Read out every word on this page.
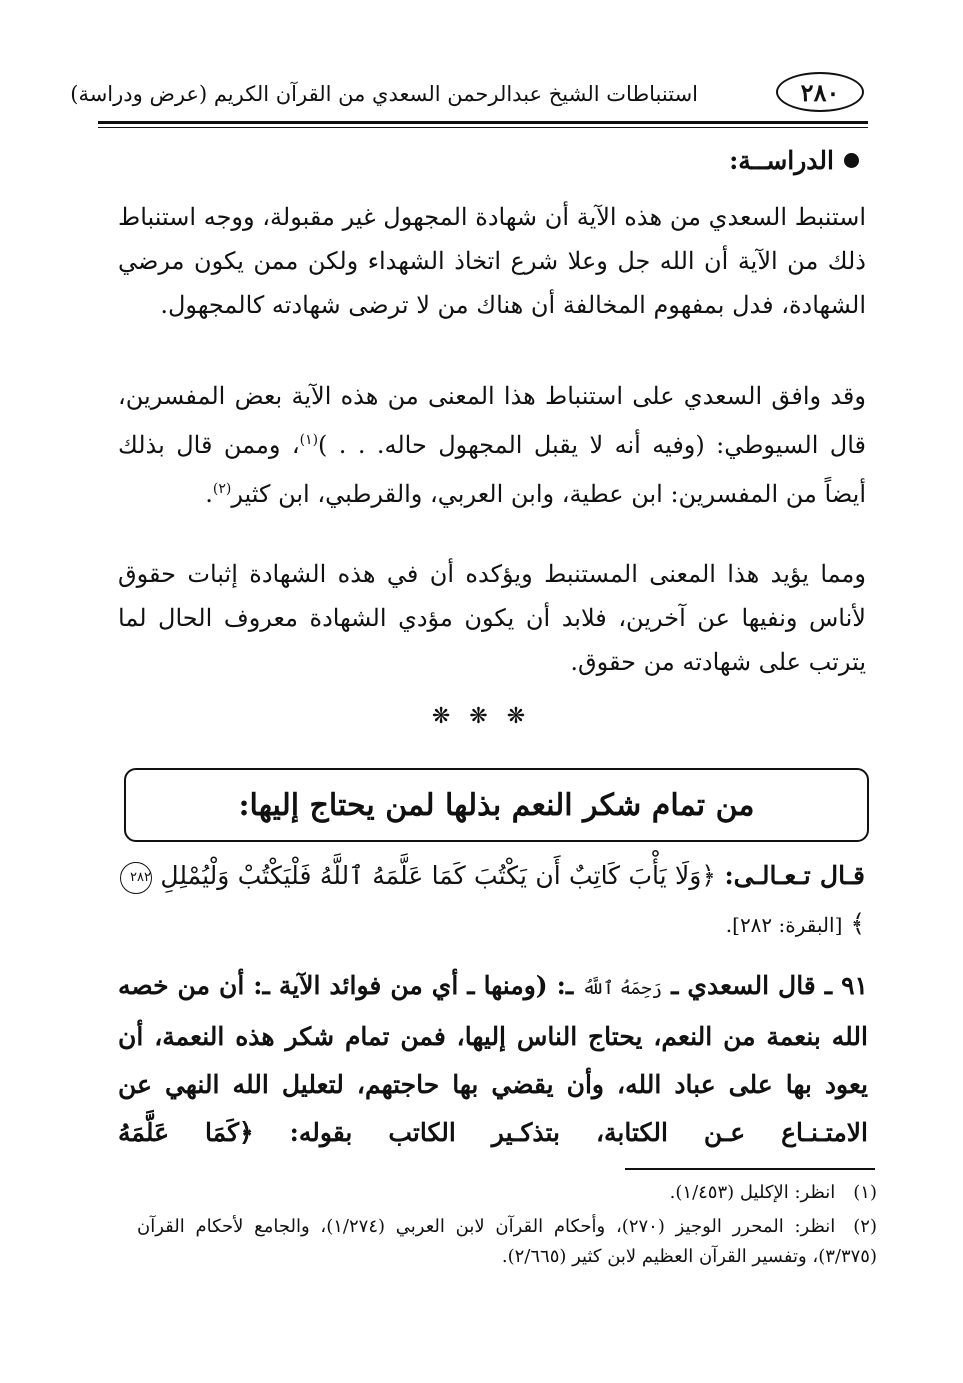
٢٨٠
استنباطات الشيخ عبدالرحمن السعدي من القرآن الكريم (عرض ودراسة)
الدراســة:

استنبط السعدي من هذه الآية أن شهادة المجهول غير مقبولة، ووجه استنباط ذلك من الآية أن الله جل وعلا شرع اتخاذ الشهداء ولكن ممن يكون مرضي الشهادة، فدل بمفهوم المخالفة أن هناك من لا ترضى شهادته كالمجهول.

وقد وافق السعدي على استنباط هذا المعنى من هذه الآية بعض المفسرين، قال السيوطي: (وفيه أنه لا يقبل المجهول حاله. . . )$^{(١)}$، وممن قال بذلك أيضاً من المفسرين: ابن عطية، وابن العربي، والقرطبي، ابن كثير$^{(٢)}$.

ومما يؤيد هذا المعنى المستنبط ويؤكده أن في هذه الشهادة إثبات حقوق لأناس ونفيها عن آخرين، فلابد أن يكون مؤدي الشهادة معروف الحال لما يترتب على شهادته من حقوق.

❋ ❋ ❋
من تمام شكر النعم بذلها لمن يحتاج إليها:

قـال تـعـالـى: ﴿وَلَا يَأْبَ كَاتِبٌ أَن يَكْتُبَ كَمَا عَلَّمَهُ ٱللَّهُ فَلْيَكْتُبْ وَلْيُمْلِلِ ٢٨٢﴾ [البقرة: ٢٨٢].

٩١ ـ قال السعدي ـ رَحِمَهُ ٱللَّهُ ـ: (ومنها ـ أي من فوائد الآية ـ: أن من خصه الله بنعمة من النعم، يحتاج الناس إليها، فمن تمام شكر هذه النعمة، أن يعود بها على عباد الله، وأن يقضي بها حاجتهم، لتعليل الله النهي عن الامتـنـاع عـن الكتابة، بتذكـير الكاتب بقوله: ﴿كَمَا عَلَّمَهُ

(١)انظر: الإكليل (١/٤٥٣).

(٢)انظر: المحرر الوجيز (٢٧٠)، وأحكام القرآن لابن العربي (١/٢٧٤)، والجامع لأحكام القرآن (٣/٣٧٥)، وتفسير القرآن العظيم لابن كثير (٢/٦٦٥).
